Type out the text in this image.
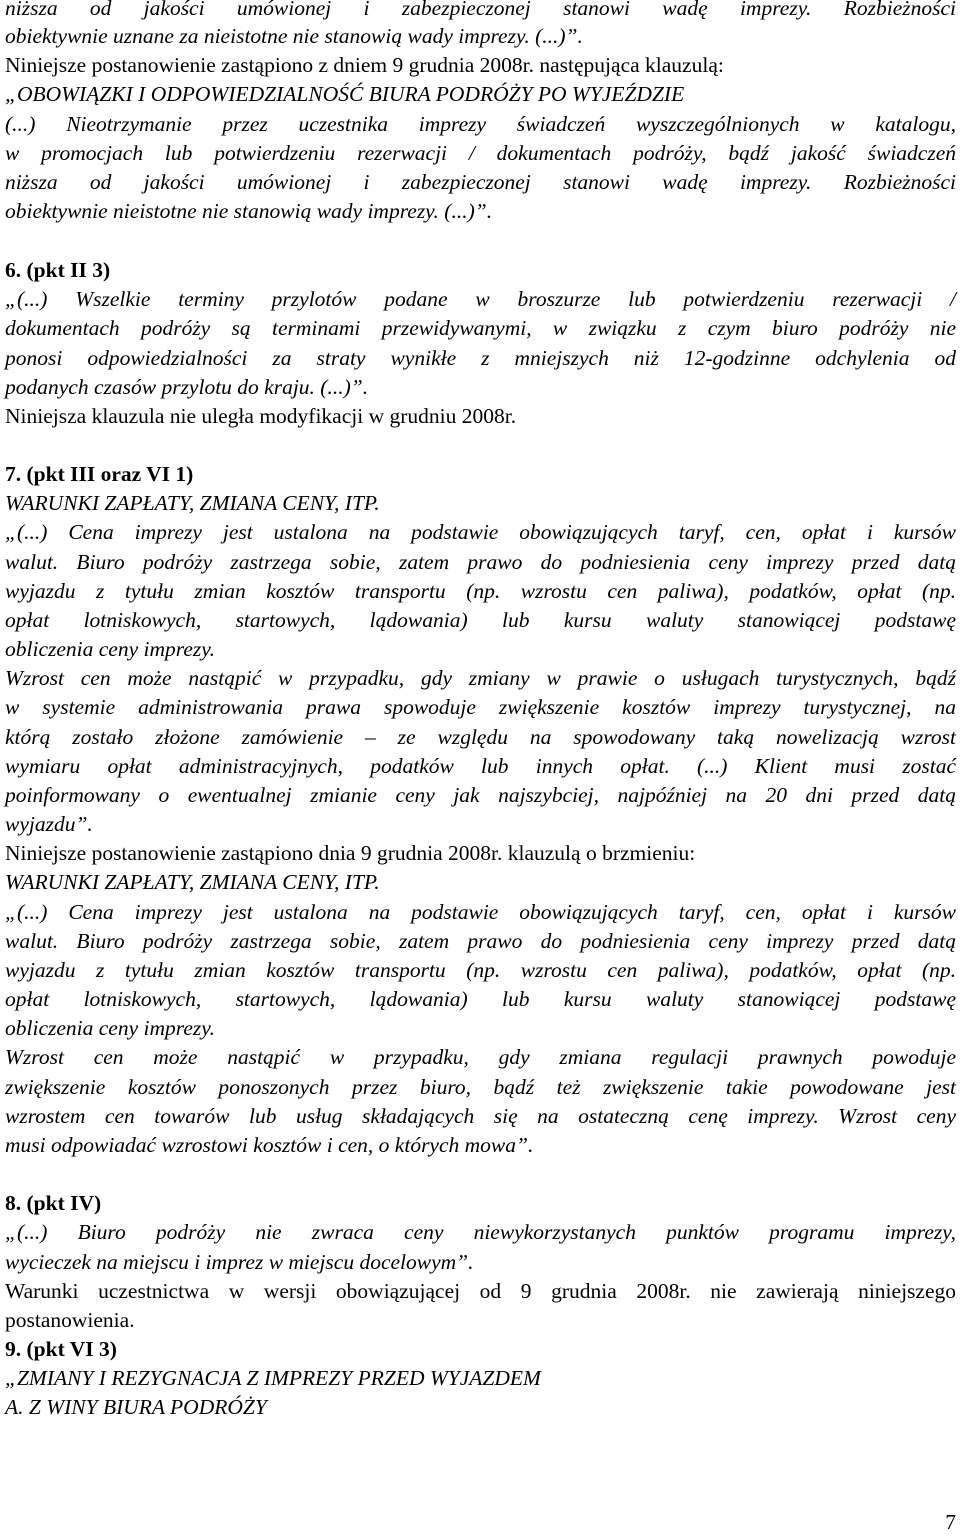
niższa od jakości umówionej i zabezpieczonej stanowi wadę imprezy. Rozbieżności

obiektywnie uznane za nieistotne nie stanowią wady imprezy. (...)”.

Niniejsze postanowienie zastąpiono z dniem 9 grudnia 2008r. następująca klauzulą:

„OBOWIĄZKI I ODPOWIEDZIALNOŚĆ BIURA PODRÓŻY PO WYJEŹDZIE

(...) Nieotrzymanie przez uczestnika imprezy świadczeń wyszczególnionych w katalogu,

w promocjach lub potwierdzeniu rezerwacji / dokumentach podróży, bądź jakość świadczeń

niższa od jakości umówionej i zabezpieczonej stanowi wadę imprezy. Rozbieżności

obiektywnie nieistotne nie stanowią wady imprezy. (...)”.

6. (pkt II 3)

„(...) Wszelkie terminy przylotów podane w broszurze lub potwierdzeniu rezerwacji /

dokumentach podróży są terminami przewidywanymi, w związku z czym biuro podróży nie

ponosi odpowiedzialności za straty wynikłe z mniejszych niż 12-godzinne odchylenia od

podanych czasów przylotu do kraju. (...)”.

Niniejsza klauzula nie uległa modyfikacji w grudniu 2008r.

7. (pkt III oraz VI 1)

WARUNKI ZAPŁATY, ZMIANA CENY, ITP.

„(...) Cena imprezy jest ustalona na podstawie obowiązujących taryf, cen, opłat i kursów

walut. Biuro podróży zastrzega sobie, zatem prawo do podniesienia ceny imprezy przed datą

wyjazdu z tytułu zmian kosztów transportu (np. wzrostu cen paliwa), podatków, opłat (np.

opłat lotniskowych, startowych, lądowania) lub kursu waluty stanowiącej podstawę

obliczenia ceny imprezy.

Wzrost cen może nastąpić w przypadku, gdy zmiany w prawie o usługach turystycznych, bądź

w systemie administrowania prawa spowoduje zwiększenie kosztów imprezy turystycznej, na

którą zostało złożone zamówienie – ze względu na spowodowany taką nowelizacją wzrost

wymiaru opłat administracyjnych, podatków lub innych opłat. (...) Klient musi zostać

poinformowany o ewentualnej zmianie ceny jak najszybciej, najpóźniej na 20 dni przed datą

wyjazdu”.

Niniejsze postanowienie zastąpiono dnia 9 grudnia 2008r. klauzulą o brzmieniu:

WARUNKI ZAPŁATY, ZMIANA CENY, ITP.

„(...) Cena imprezy jest ustalona na podstawie obowiązujących taryf, cen, opłat i kursów

walut. Biuro podróży zastrzega sobie, zatem prawo do podniesienia ceny imprezy przed datą

wyjazdu z tytułu zmian kosztów transportu (np. wzrostu cen paliwa), podatków, opłat (np.

opłat lotniskowych, startowych, lądowania) lub kursu waluty stanowiącej podstawę

obliczenia ceny imprezy.

Wzrost cen może nastąpić w przypadku, gdy zmiana regulacji prawnych powoduje

zwiększenie kosztów ponoszonych przez biuro, bądź też zwiększenie takie powodowane jest

wzrostem cen towarów lub usług składających się na ostateczną cenę imprezy. Wzrost ceny

musi odpowiadać wzrostowi kosztów i cen, o których mowa”.

8. (pkt IV)

„(...) Biuro podróży nie zwraca ceny niewykorzystanych punktów programu imprezy,

wycieczek na miejscu i imprez w miejscu docelowym”.

Warunki uczestnictwa w wersji obowiązującej od 9 grudnia 2008r. nie zawierają niniejszego

postanowienia.

9. (pkt VI 3)

„ZMIANY I REZYGNACJA Z IMPREZY PRZED WYJAZDEM

A. Z WINY BIURA PODRÓŻY

7
